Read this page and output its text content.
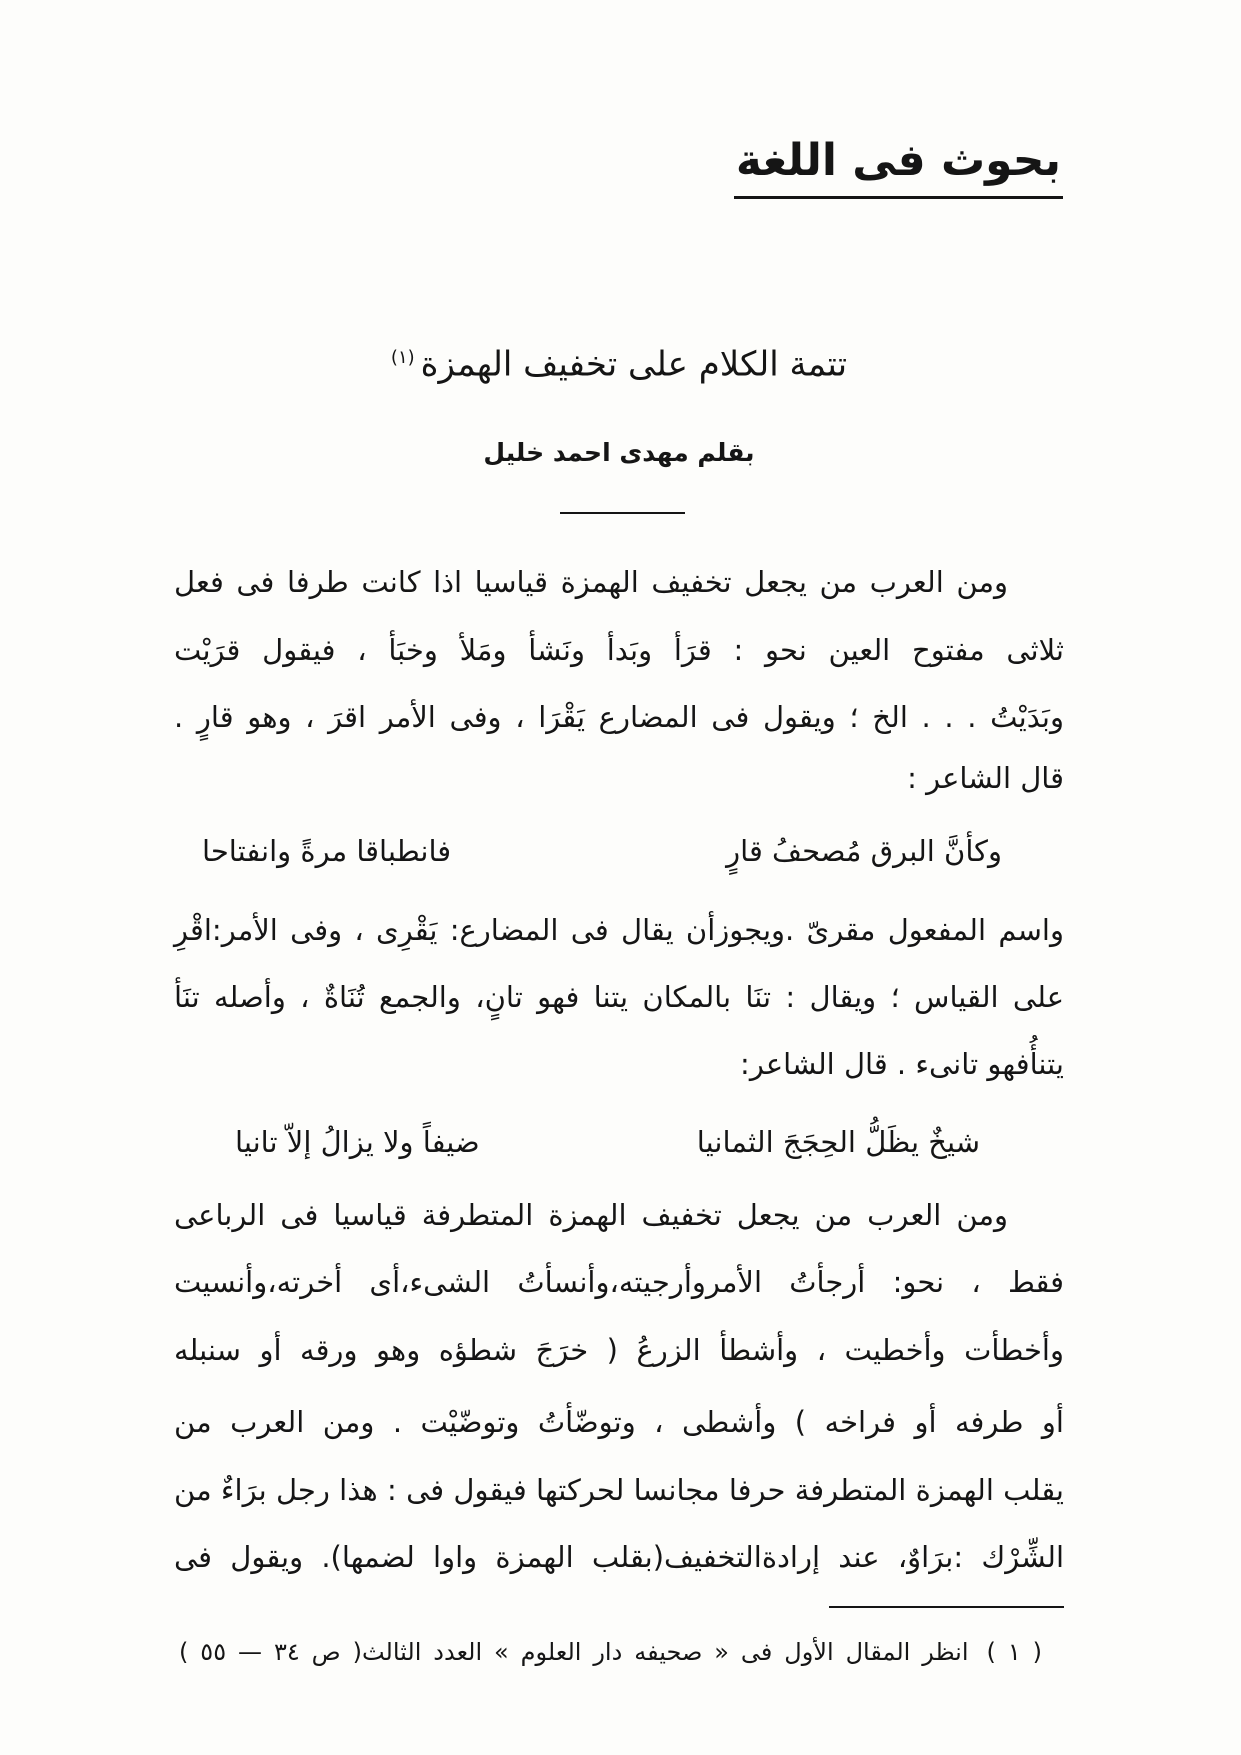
بحوث فى اللغة
تتمة الكلام على تخفيف الهمزة$^{(١)}$
بقلم مهدى احمد خليل
ومن العرب من يجعل تخفيف الهمزة قياسيا اذا كانت طرفا فى فعل
ثلاثى مفتوح العين نحو : قرَأ وبَدأ ونَشأ ومَلأ وخبَأ ، فيقول قرَيْت
وبَدَيْتُ . . . الخ ؛ ويقول فى المضارع يَقْرَا ، وفى الأمر اقرَ ، وهو قارٍ .
قال الشاعر :
وكأنَّ البرق مُصحفُ قارٍ
فانطباقا مرةً وانفتاحا
واسم المفعول مقرىّ .ويجوزأن يقال فى المضارع: يَقْرِى ، وفى الأمر:اقْرِ
على القياس ؛ ويقال : تنَا بالمكان يتنا فهو تانٍ، والجمع تُنَاةٌ ، وأصله تنَأ
يتنأُفهو تانىء . قال الشاعر:
شيخٌ يظَلُّ الحِجَجَ الثمانيا
ضيفاً ولا يزالُ إلاّ تانيا
ومن العرب من يجعل تخفيف الهمزة المتطرفة قياسيا فى الرباعى
فقط ، نحو: أرجأتُ الأمروأرجيته،وأنسأتُ الشىء،أى أخرته،وأنسيت
وأخطأت وأخطيت ، وأشطأ الزرعُ ( خرَجَ شطؤه وهو ورقه أو سنبله
أو طرفه أو فراخه ) وأشطى ، وتوضّأتُ وتوضّيْت . ومن العرب من
يقلب الهمزة المتطرفة حرفا مجانسا لحركتها فيقول فى : هذا رجل برَاءٌ من
الشِّرْك :برَاوٌ، عند إرادةالتخفيف(بقلب الهمزة واوا لضمها). ويقول فى
( ١ )انظر المقال الأول فى « صحيفه دار العلوم » العدد الثالث( ص ٣٤ — ٥٥ )
